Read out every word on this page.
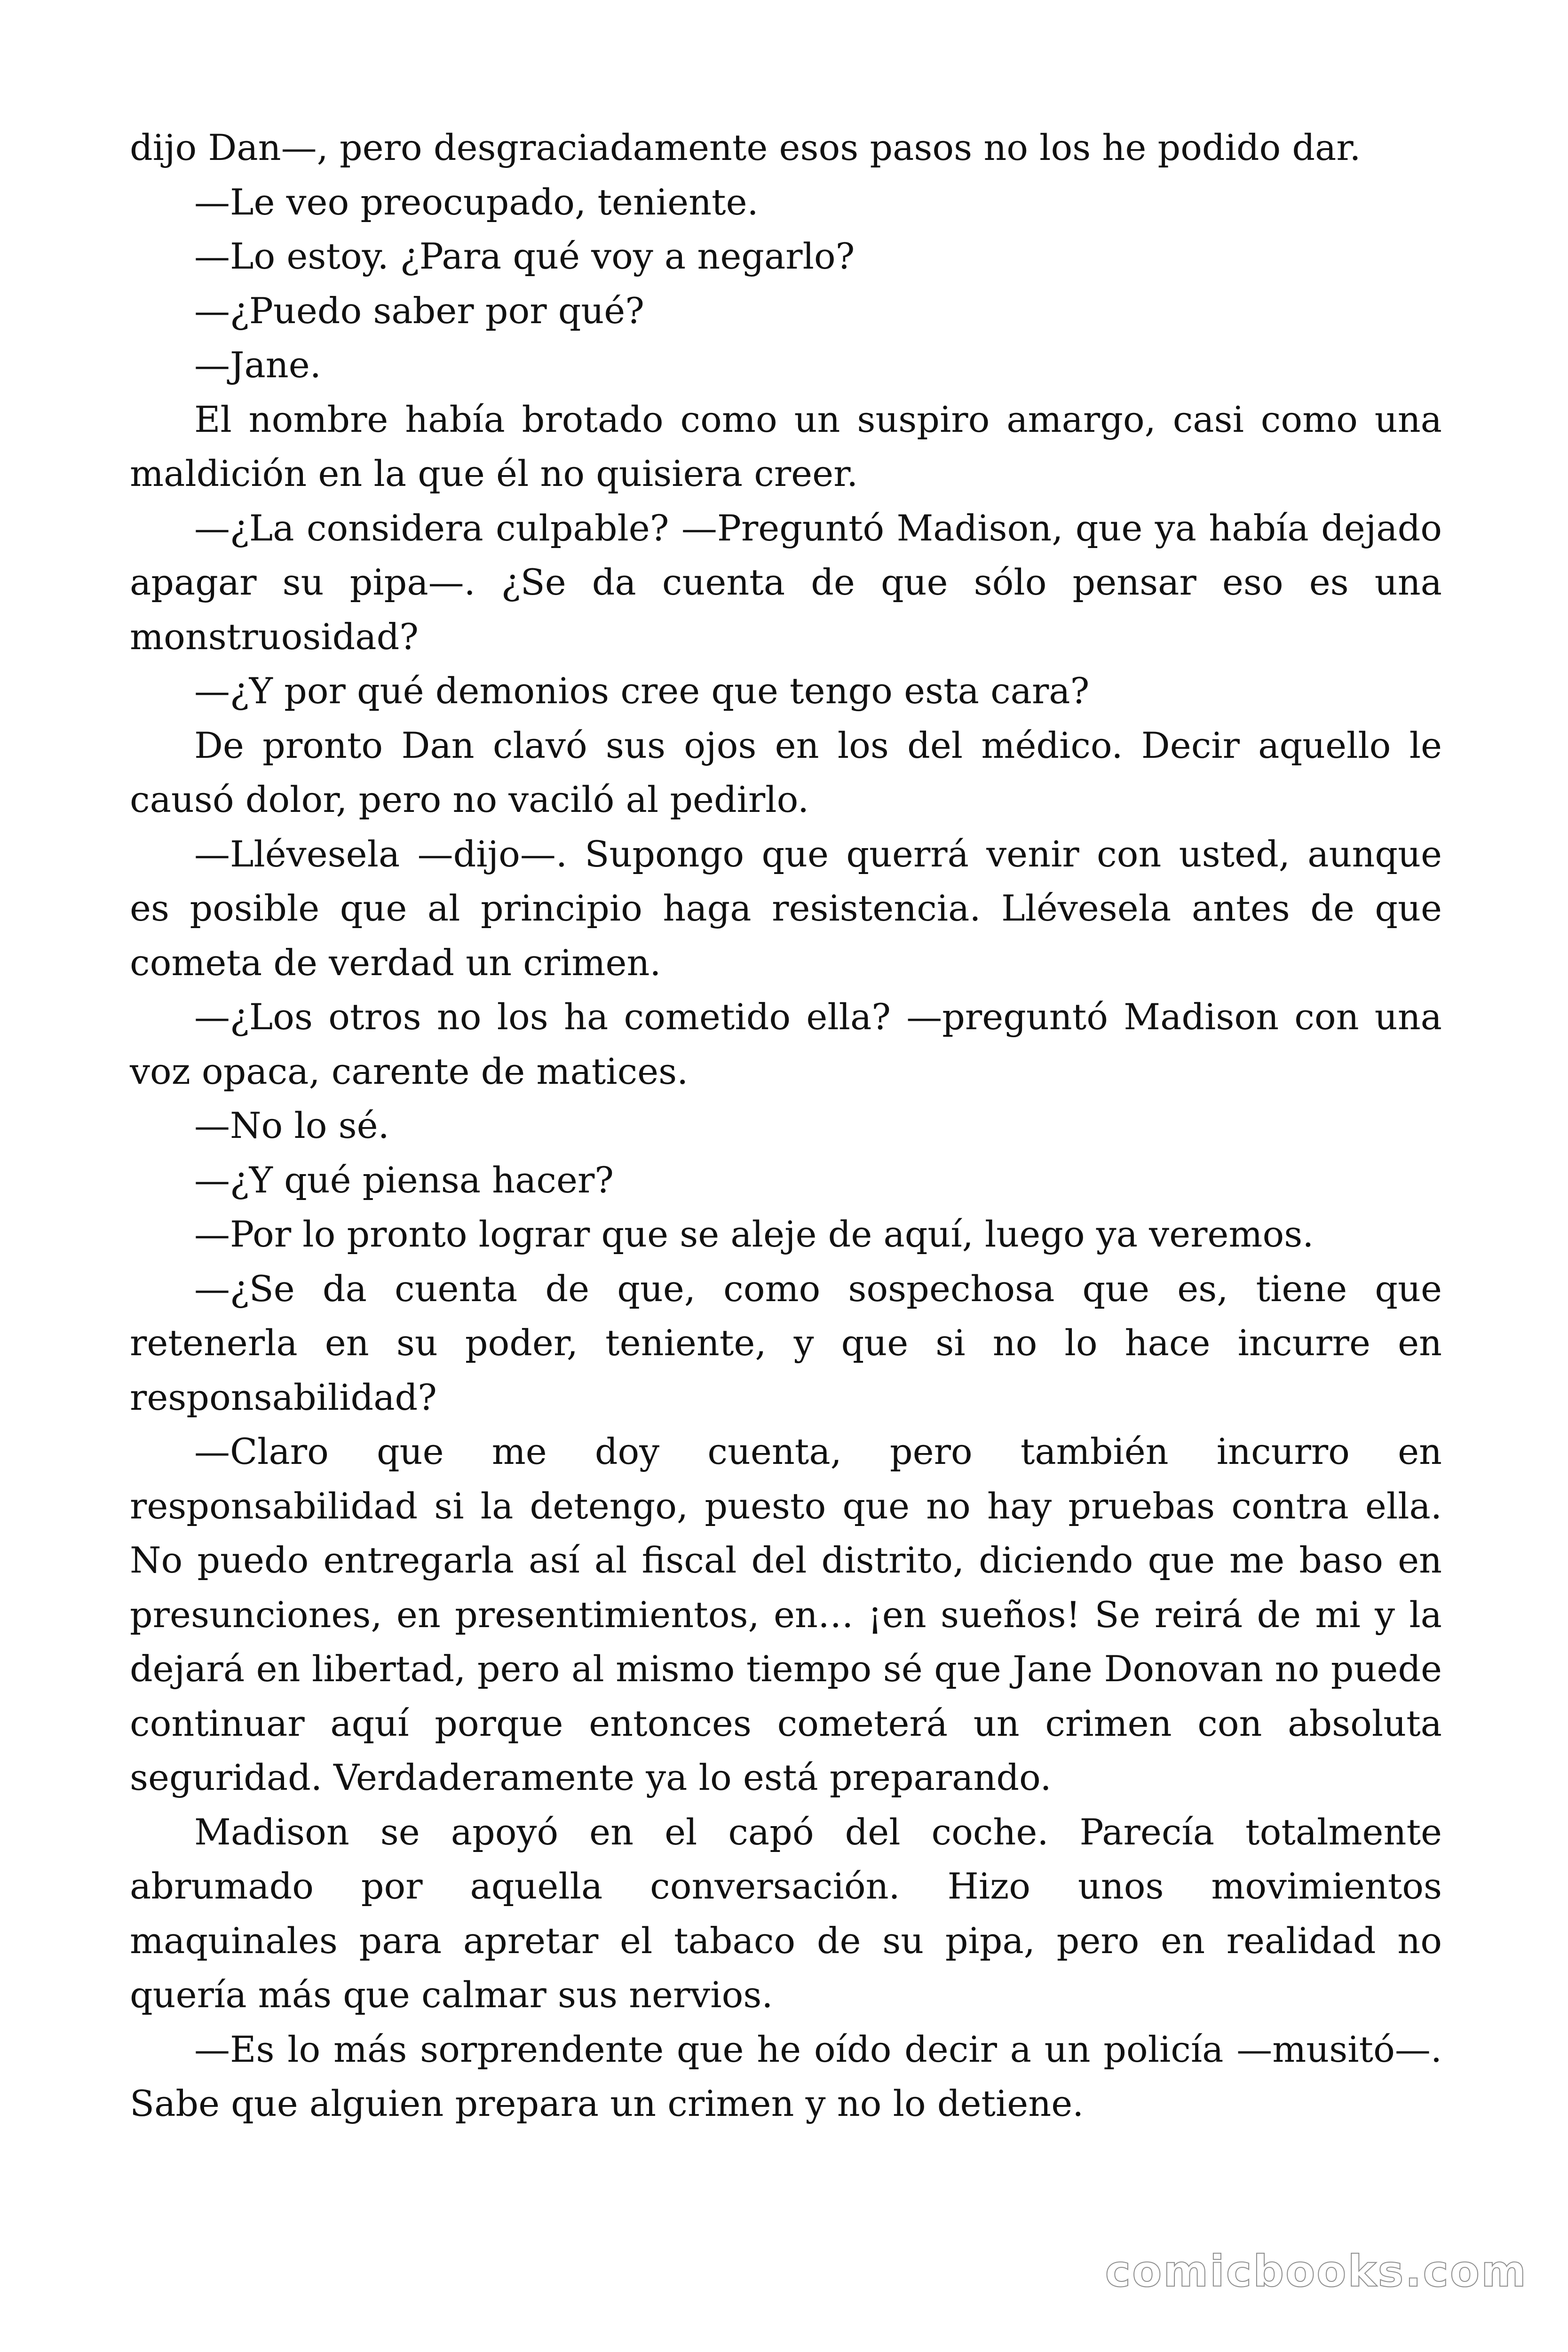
dijo Dan—, pero desgraciadamente esos pasos no los he podido dar.

—Le veo preocupado, teniente.

—Lo estoy. ¿Para qué voy a negarlo?

—¿Puedo saber por qué?

—Jane.

El nombre había brotado como un suspiro amargo, casi como una maldición en la que él no quisiera creer.

—¿La considera culpable? —Preguntó Madison, que ya había dejado apagar su pipa—. ¿Se da cuenta de que sólo pensar eso es una monstruosidad?

—¿Y por qué demonios cree que tengo esta cara?

De pronto Dan clavó sus ojos en los del médico. Decir aquello le causó dolor, pero no vaciló al pedirlo.

—Llévesela —dijo—. Supongo que querrá venir con usted, aunque es posible que al principio haga resistencia. Llévesela antes de que cometa de verdad un crimen.

—¿Los otros no los ha cometido ella? —preguntó Madison con una voz opaca, carente de matices.

—No lo sé.

—¿Y qué piensa hacer?

—Por lo pronto lograr que se aleje de aquí, luego ya veremos.

—¿Se da cuenta de que, como sospechosa que es, tiene que retenerla en su poder, teniente, y que si no lo hace incurre en responsabilidad?

—Claro que me doy cuenta, pero también incurro en responsabilidad si la detengo, puesto que no hay pruebas contra ella. No puedo entregarla así al fiscal del distrito, diciendo que me baso en presunciones, en presentimientos, en… ¡en sueños! Se reirá de mi y la dejará en libertad, pero al mismo tiempo sé que Jane Donovan no puede continuar aquí porque entonces cometerá un crimen con absoluta seguridad. Verdaderamente ya lo está preparando.

Madison se apoyó en el capó del coche. Parecía totalmente abrumado por aquella conversación. Hizo unos movimientos maquinales para apretar el tabaco de su pipa, pero en realidad no quería más que calmar sus nervios.

—Es lo más sorprendente que he oído decir a un policía —musitó—. Sabe que alguien prepara un crimen y no lo detiene.

comicbooks.com
